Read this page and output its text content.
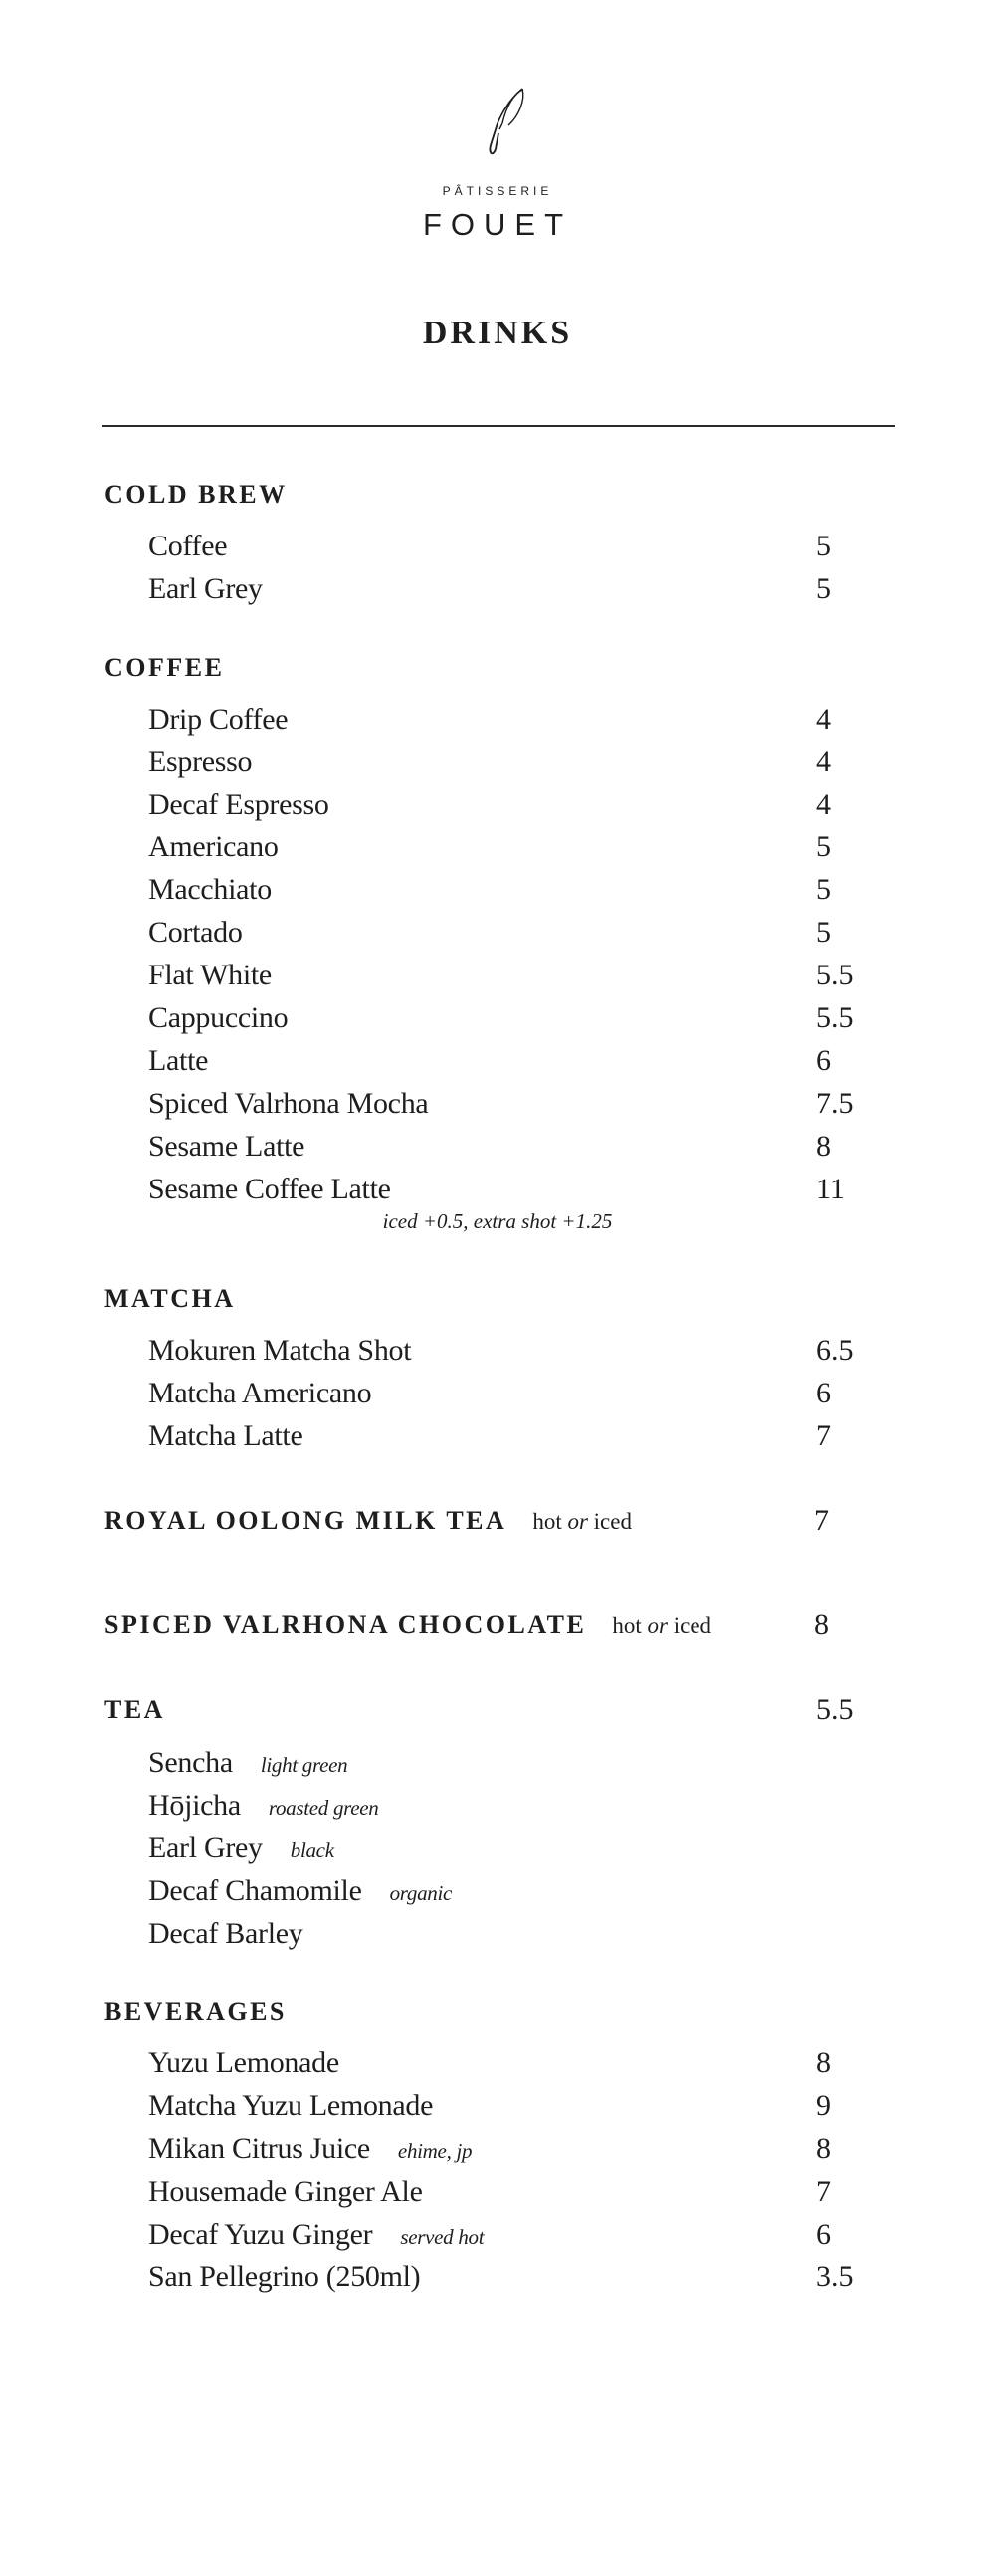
PÂTISSERIE
FOUET
DRINKS
COLD BREW
Coffee	5
Earl Grey	5
COFFEE
Drip Coffee	4
Espresso	4
Decaf Espresso	4
Americano	5
Macchiato	5
Cortado	5
Flat White	5.5
Cappuccino	5.5
Latte	6
Spiced Valrhona Mocha	7.5
Sesame Latte	8
Sesame Coffee Latte	11
iced +0.5, extra shot +1.25
MATCHA
Mokuren Matcha Shot	6.5
Matcha Americano	6
Matcha Latte	7
ROYAL OOLONG MILK TEA hot or iced	7
SPICED VALRHONA CHOCOLATE hot or iced	8
TEA	5.5
Sencha light green
Hōjicha roasted green
Earl Grey black
Decaf Chamomile organic
Decaf Barley
BEVERAGES
Yuzu Lemonade	8
Matcha Yuzu Lemonade	9
Mikan Citrus Juice ehime, jp	8
Housemade Ginger Ale	7
Decaf Yuzu Ginger served hot	6
San Pellegrino (250ml)	3.5
